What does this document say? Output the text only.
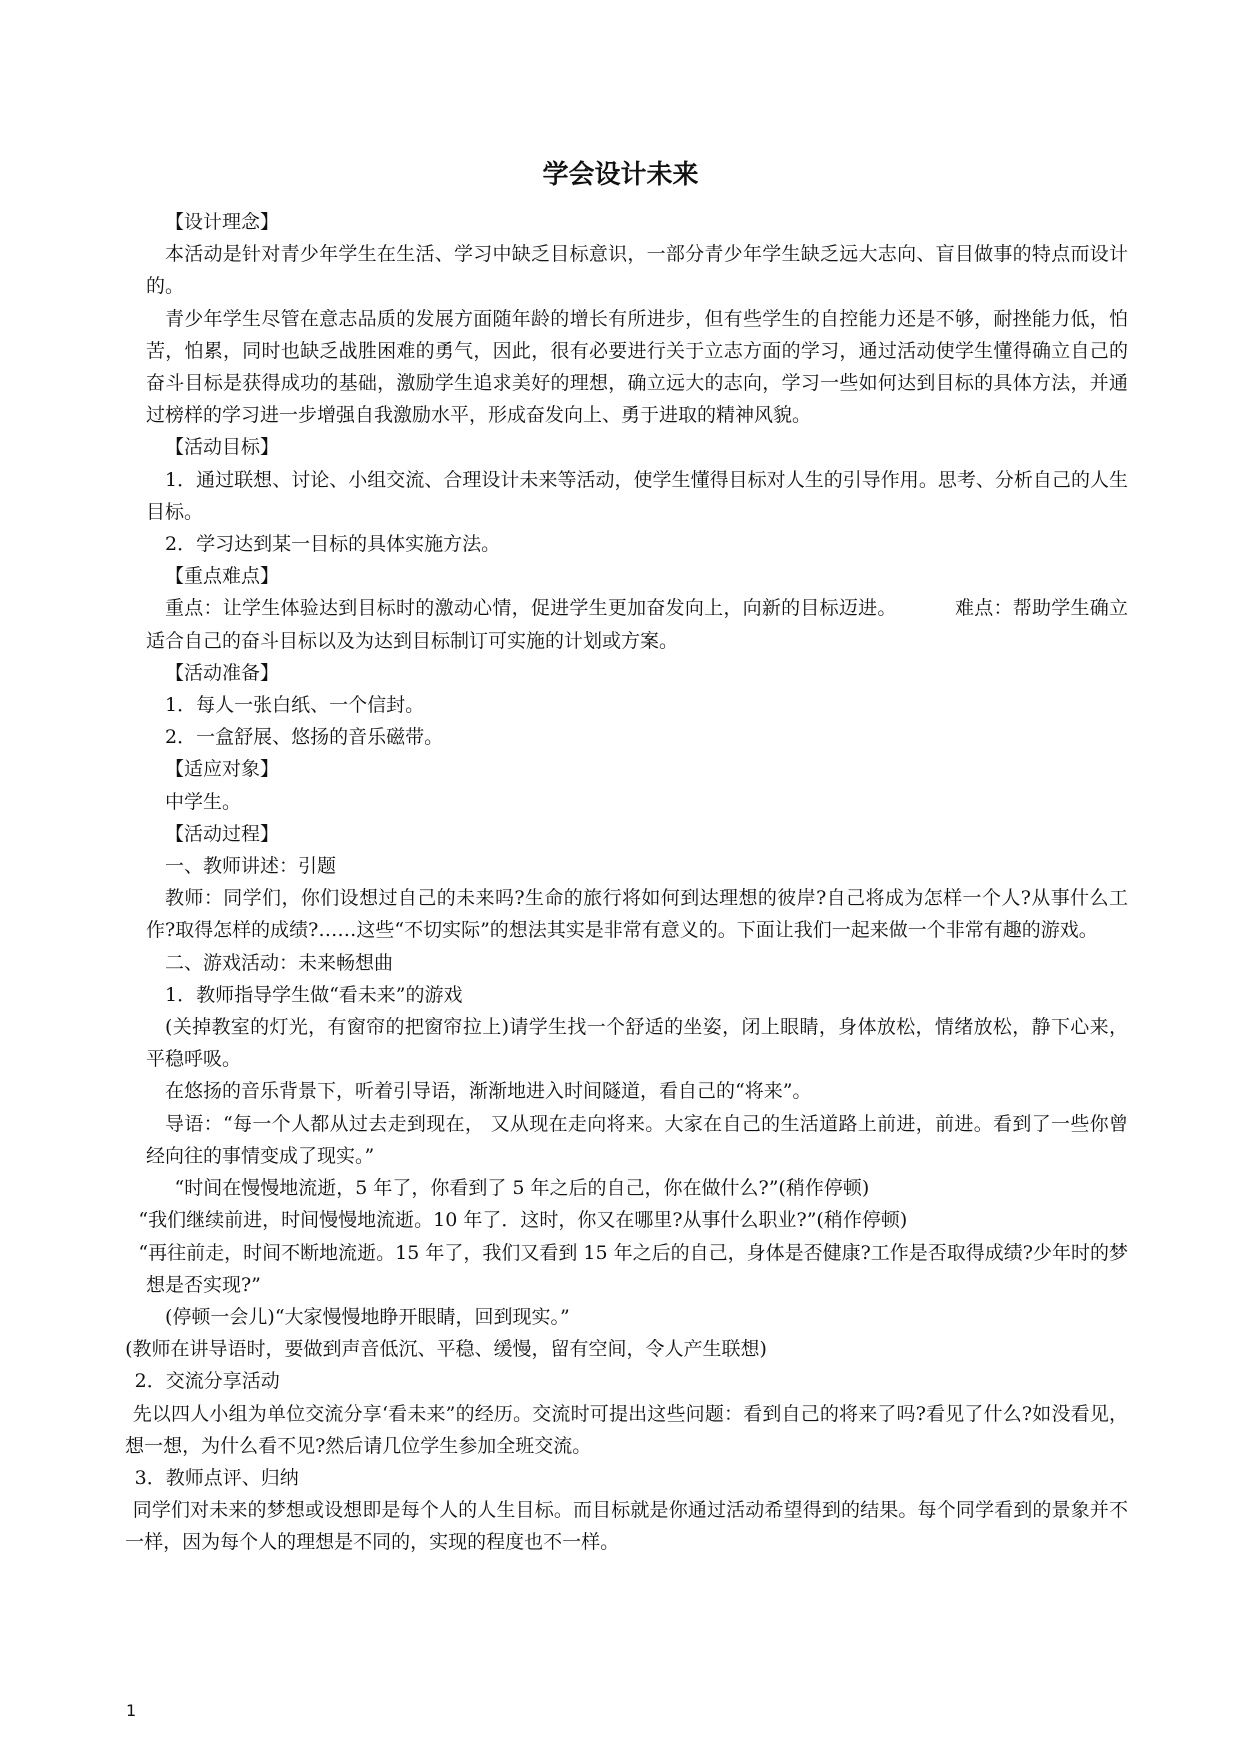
学会设计未来

【设计理念】

本活动是针对青少年学生在生活、学习中缺乏目标意识，一部分青少年学生缺乏远大志向、盲目做事的特点而设计的。

青少年学生尽管在意志品质的发展方面随年龄的增长有所进步，但有些学生的自控能力还是不够，耐挫能力低，怕苦，怕累，同时也缺乏战胜困难的勇气，因此，很有必要进行关于立志方面的学习，通过活动使学生懂得确立自己的奋斗目标是获得成功的基础，激励学生追求美好的理想，确立远大的志向，学习一些如何达到目标的具体方法，并通过榜样的学习进一步增强自我激励水平，形成奋发向上、勇于进取的精神风貌。

【活动目标】

1．通过联想、讨论、小组交流、合理设计未来等活动，使学生懂得目标对人生的引导作用。思考、分析自己的人生目标。

2．学习达到某一目标的具体实施方法。

【重点难点】

重点：让学生体验达到目标时的激动心情，促进学生更加奋发向上，向新的目标迈进。	难点：帮助学生确立适合自己的奋斗目标以及为达到目标制订可实施的计划或方案。

【活动准备】

1．每人一张白纸、一个信封。

2．一盒舒展、悠扬的音乐磁带。

【适应对象】

中学生。

【活动过程】

一、教师讲述：引题

教师：同学们，你们设想过自己的未来吗?生命的旅行将如何到达理想的彼岸?自己将成为怎样一个人?从事什么工作?取得怎样的成绩?……这些“不切实际”的想法其实是非常有意义的。下面让我们一起来做一个非常有趣的游戏。

二、游戏活动：未来畅想曲

1．教师指导学生做“看未来”的游戏

(关掉教室的灯光，有窗帘的把窗帘拉上)请学生找一个舒适的坐姿，闭上眼睛，身体放松，情绪放松，静下心来，平稳呼吸。

在悠扬的音乐背景下，听着引导语，渐渐地进入时间隧道，看自己的“将来”。

导语：“每一个人都从过去走到现在， 又从现在走向将来。大家在自己的生活道路上前进，前进。看到了一些你曾经向往的事情变成了现实。”

“时间在慢慢地流逝，5 年了，你看到了 5 年之后的自己，你在做什么?”(稍作停顿)

“我们继续前进，时间慢慢地流逝。10 年了．这时，你又在哪里?从事什么职业?”(稍作停顿)

“再往前走，时间不断地流逝。15 年了，我们又看到 15 年之后的自己，身体是否健康?工作是否取得成绩?少年时的梦想是否实现?”

(停顿一会儿)“大家慢慢地睁开眼睛，回到现实。”

(教师在讲导语时，要做到声音低沉、平稳、缓慢，留有空间，令人产生联想)

2．交流分享活动

先以四人小组为单位交流分享‘看未来”的经历。交流时可提出这些问题：看到自己的将来了吗?看见了什么?如没看见，想一想，为什么看不见?然后请几位学生参加全班交流。

3．教师点评、归纳

同学们对未来的梦想或设想即是每个人的人生目标。而目标就是你通过活动希望得到的结果。每个同学看到的景象并不一样，因为每个人的理想是不同的，实现的程度也不一样。

1
